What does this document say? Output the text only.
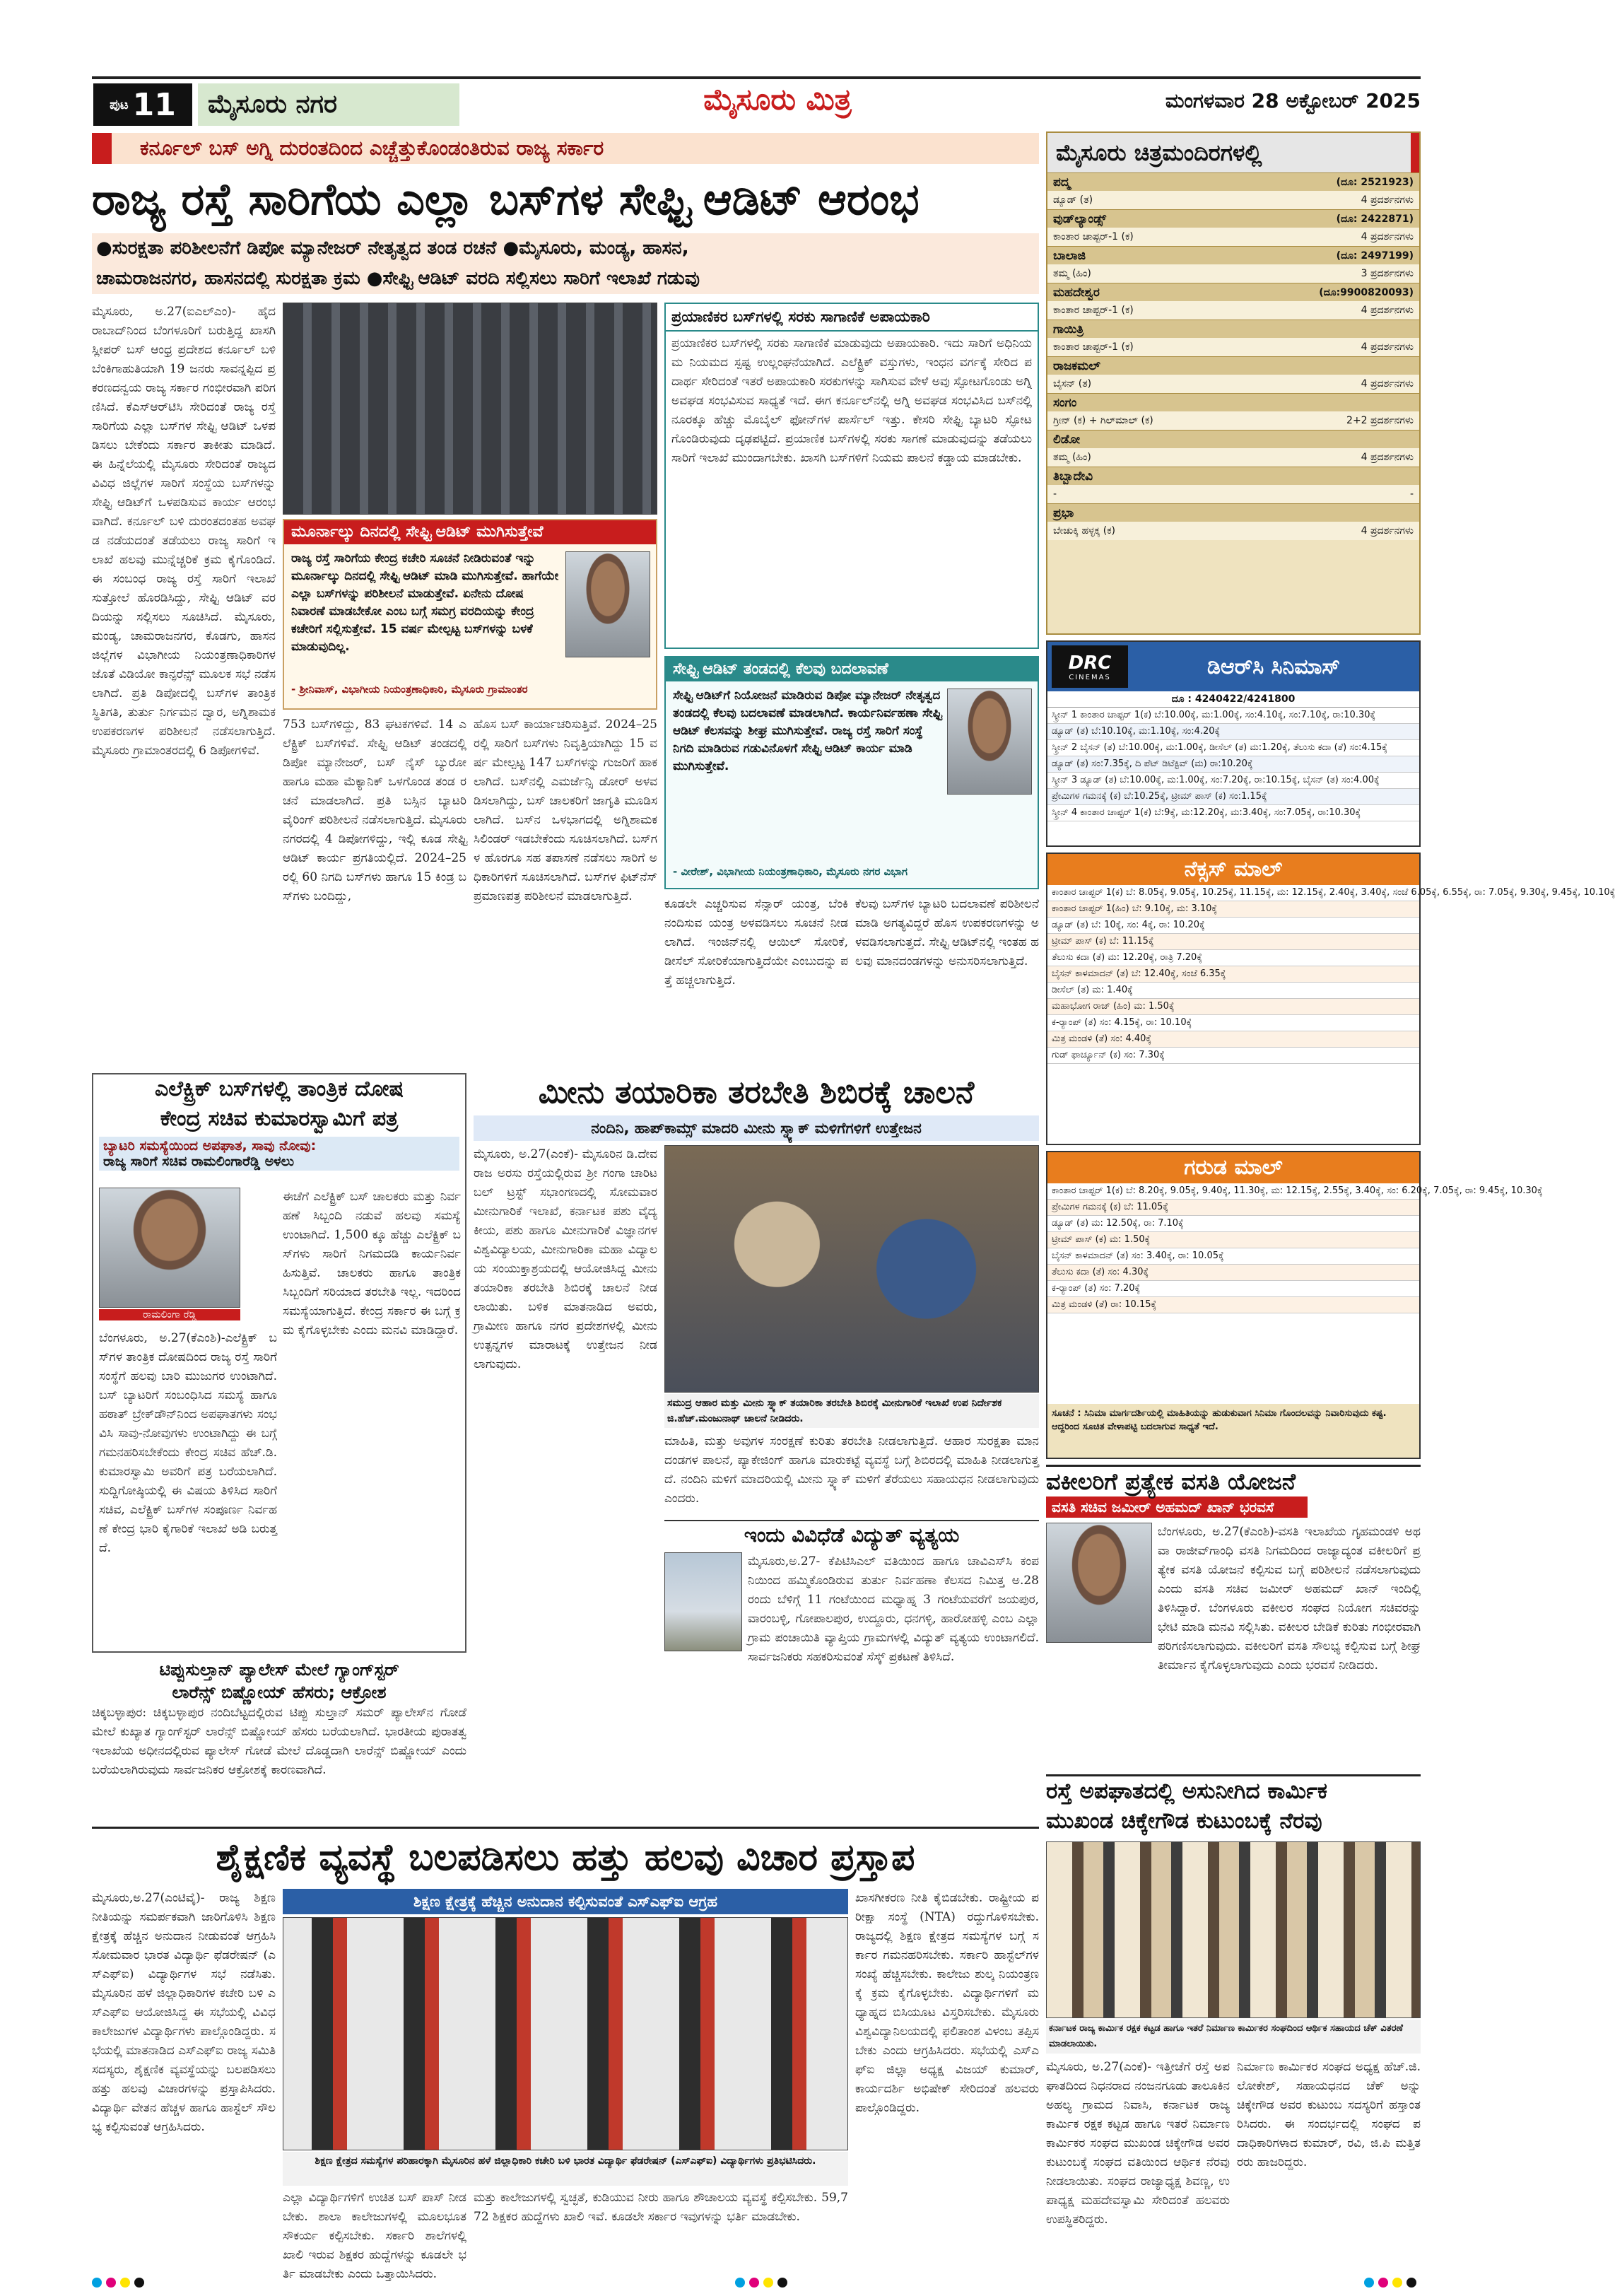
ಪುಟ 11 ಮೈಸೂರು ನಗರ	ಮೈಸೂರು ಮಿತ್ರ	ಮಂಗಳವಾರ 28 ಅಕ್ಟೋಬರ್ 2025
ಕರ್ನೂಲ್ ಬಸ್ ಅಗ್ನಿ ದುರಂತದಿಂದ ಎಚ್ಚೆತ್ತುಕೊಂಡಂತಿರುವ ರಾಜ್ಯ ಸರ್ಕಾರ
ರಾಜ್ಯ ರಸ್ತೆ ಸಾರಿಗೆಯ ಎಲ್ಲಾ ಬಸ್‌ಗಳ ಸೇಫ್ಟಿ ಆಡಿಟ್ ಆರಂಭ
●ಸುರಕ್ಷತಾ ಪರಿಶೀಲನೆಗೆ ಡಿಪೋ ಮ್ಯಾನೇಜರ್ ನೇತೃತ್ವದ ತಂಡ ರಚನೆ ●ಮೈಸೂರು, ಮಂಡ್ಯ, ಹಾಸನ,
ಚಾಮರಾಜನಗರ, ಹಾಸನದಲ್ಲಿ ಸುರಕ್ಷತಾ ಕ್ರಮ ●ಸೇಫ್ಟಿ ಆಡಿಟ್ ವರದಿ ಸಲ್ಲಿಸಲು ಸಾರಿಗೆ ಇಲಾಖೆ ಗಡುವು
ಮೈಸೂರು, ಅ.27(ಐಎಲ್‌ಎಂ)- ಹೈದರಾಬಾದ್‌ನಿಂದ ಬೆಂಗಳೂರಿಗೆ ಬರುತ್ತಿದ್ದ ಖಾಸಗಿ ಸ್ಲೀಪರ್ ಬಸ್ ಆಂಧ್ರ ಪ್ರದೇಶದ ಕರ್ನೂಲ್ ಬಳಿ ಬೆಂಕಿಗಾಹುತಿಯಾಗಿ 19 ಜನರು ಸಾವನ್ನಪ್ಪಿದ ಪ್ರಕರಣದನ್ವಯ ರಾಜ್ಯ ಸರ್ಕಾರ ಗಂಭೀರವಾಗಿ ಪರಿಗಣಿಸಿದೆ. ಕೆಎಸ್‌ಆರ್‌ಟಿಸಿ ಸೇರಿದಂತೆ ರಾಜ್ಯ ರಸ್ತೆ ಸಾರಿಗೆಯ ಎಲ್ಲಾ ಬಸ್‌ಗಳ ಸೇಫ್ಟಿ ಆಡಿಟ್ ಒಳಪಡಿಸಲು ಬೇಕೆಂದು ಸರ್ಕಾರ ತಾಕೀತು ಮಾಡಿದೆ. ಈ ಹಿನ್ನೆಲೆಯಲ್ಲಿ ಮೈಸೂರು ಸೇರಿದಂತೆ ರಾಜ್ಯದ ವಿವಿಧ ಜಿಲ್ಲೆಗಳ ಸಾರಿಗೆ ಸಂಸ್ಥೆಯ ಬಸ್‌ಗಳನ್ನು ಸೇಫ್ಟಿ ಆಡಿಟ್‌ಗೆ ಒಳಪಡಿಸುವ ಕಾರ್ಯ ಆರಂಭವಾಗಿದೆ. ಕರ್ನೂಲ್ ಬಳಿ ದುರಂತದಂತಹ ಅವಘಡ ನಡೆಯದಂತೆ ತಡೆಯಲು ರಾಜ್ಯ ಸಾರಿಗೆ ಇಲಾಖೆ ಹಲವು ಮುನ್ನೆಚ್ಚರಿಕೆ ಕ್ರಮ ಕೈಗೊಂಡಿದೆ. ಈ ಸಂಬಂಧ ರಾಜ್ಯ ರಸ್ತೆ ಸಾರಿಗೆ ಇಲಾಖೆ ಸುತ್ತೋಲೆ ಹೊರಡಿಸಿದ್ದು, ಸೇಫ್ಟಿ ಆಡಿಟ್ ವರದಿಯನ್ನು ಸಲ್ಲಿಸಲು ಸೂಚಿಸಿದೆ. ಮೈಸೂರು, ಮಂಡ್ಯ, ಚಾಮರಾಜನಗರ, ಕೊಡಗು, ಹಾಸನ ಜಿಲ್ಲೆಗಳ ವಿಭಾಗೀಯ ನಿಯಂತ್ರಣಾಧಿಕಾರಿಗಳ ಜೊತೆ ವಿಡಿಯೋ ಕಾನ್ಫರೆನ್ಸ್ ಮೂಲಕ ಸಭೆ ನಡೆಸಲಾಗಿದೆ. ಪ್ರತಿ ಡಿಪೋದಲ್ಲಿ ಬಸ್‌ಗಳ ತಾಂತ್ರಿಕ ಸ್ಥಿತಿಗತಿ, ತುರ್ತು ನಿರ್ಗಮನ ದ್ವಾರ, ಅಗ್ನಿಶಾಮಕ ಉಪಕರಣಗಳ ಪರಿಶೀಲನೆ ನಡೆಸಲಾಗುತ್ತಿದೆ. ಮೈಸೂರು ಗ್ರಾಮಾಂತರದಲ್ಲಿ 6 ಡಿಪೋಗಳಿವೆ.
ಮೂರ್ನಾಲ್ಕು ದಿನದಲ್ಲಿ ಸೇಫ್ಟಿ ಆಡಿಟ್ ಮುಗಿಸುತ್ತೇವೆ
ರಾಜ್ಯ ರಸ್ತೆ ಸಾರಿಗೆಯ ಕೇಂದ್ರ ಕಚೇರಿ ಸೂಚನೆ ನೀಡಿರುವಂತೆ ಇನ್ನು ಮೂರ್ನಾಲ್ಕು ದಿನದಲ್ಲಿ ಸೇಫ್ಟಿ ಆಡಿಟ್ ಮಾಡಿ ಮುಗಿಸುತ್ತೇವೆ. ಹಾಗೆಯೇ ಎಲ್ಲಾ ಬಸ್‌ಗಳನ್ನು ಪರಿಶೀಲನೆ ಮಾಡುತ್ತೇವೆ. ಏನೇನು ದೋಷ ನಿವಾರಣೆ ಮಾಡಬೇಕೋ ಎಂಬ ಬಗ್ಗೆ ಸಮಗ್ರ ವರದಿಯನ್ನು ಕೇಂದ್ರ ಕಚೇರಿಗೆ ಸಲ್ಲಿಸುತ್ತೇವೆ. 15 ವರ್ಷ ಮೇಲ್ಪಟ್ಟ ಬಸ್‌ಗಳನ್ನು ಬಳಕೆ ಮಾಡುವುದಿಲ್ಲ.
- ಶ್ರೀನಿವಾಸ್, ವಿಭಾಗೀಯ ನಿಯಂತ್ರಣಾಧಿಕಾರಿ, ಮೈಸೂರು ಗ್ರಾಮಾಂತರ
753 ಬಸ್‌ಗಳಿದ್ದು, 83 ಘಟಕಗಳಿವೆ. 14 ಎಲೆಕ್ಟ್ರಿಕ್ ಬಸ್‌ಗಳಿವೆ. ಸೇಫ್ಟಿ ಆಡಿಟ್ ತಂಡದಲ್ಲಿ ಡಿಪೋ ಮ್ಯಾನೇಜರ್, ಬಸ್ ನೈಸ್ ಬ್ಯುರೋ ಹಾಗೂ ಮಹಾ ಮೆಕ್ಯಾನಿಕ್ ಒಳಗೊಂಡ ತಂಡ ರಚನೆ ಮಾಡಲಾಗಿದೆ. ಪ್ರತಿ ಬಸ್ಸಿನ ಬ್ಯಾಟರಿ ವೈರಿಂಗ್ ಪರಿಶೀಲನೆ ನಡೆಸಲಾಗುತ್ತಿದೆ. ಮೈಸೂರು ನಗರದಲ್ಲಿ 4 ಡಿಪೋಗಳಿದ್ದು, ಇಲ್ಲಿ ಕೂಡ ಸೇಫ್ಟಿ ಆಡಿಟ್ ಕಾರ್ಯ ಪ್ರಗತಿಯಲ್ಲಿದೆ. 2024–25 ರಲ್ಲಿ 60 ನಿಗದಿ ಬಸ್‌ಗಳು ಹಾಗೂ 15 ಕಿಂಡ್ರ ಬಸ್‌ಗಳು ಬಂದಿದ್ದು,
ಹೊಸ ಬಸ್ ಕಾರ್ಯಾಚರಿಸುತ್ತಿವೆ. 2024–25 ರಲ್ಲಿ ಸಾರಿಗೆ ಬಸ್‌ಗಳು ನಿವೃತ್ತಿಯಾಗಿದ್ದು 15 ವರ್ಷ ಮೇಲ್ಪಟ್ಟ 147 ಬಸ್‌ಗಳನ್ನು ಗುಜರಿಗೆ ಹಾಕಲಾಗಿದೆ. ಬಸ್‌ನಲ್ಲಿ ಎಮರ್ಜೆನ್ಸಿ ಡೋರ್ ಅಳವಡಿಸಲಾಗಿದ್ದು, ಬಸ್ ಚಾಲಕರಿಗೆ ಜಾಗೃತಿ ಮೂಡಿಸಲಾಗಿದೆ. ಬಸ್‌ನ ಒಳಭಾಗದಲ್ಲಿ ಅಗ್ನಿಶಾಮಕ ಸಿಲಿಂಡರ್ ಇಡಬೇಕೆಂದು ಸೂಚಿಸಲಾಗಿದೆ. ಬಸ್‌ಗಳ ಹೊರಗೂ ಸಹ ತಪಾಸಣೆ ನಡೆಸಲು ಸಾರಿಗೆ ಅಧಿಕಾರಿಗಳಿಗೆ ಸೂಚಿಸಲಾಗಿದೆ. ಬಸ್‌ಗಳ ಫಿಟ್‌ನೆಸ್ ಪ್ರಮಾಣಪತ್ರ ಪರಿಶೀಲನೆ ಮಾಡಲಾಗುತ್ತಿದೆ.
ಪ್ರಯಾಣಿಕರ ಬಸ್‌ಗಳಲ್ಲಿ ಸರಕು ಸಾಗಾಣಿಕೆ ಅಪಾಯಕಾರಿ
ಪ್ರಯಾಣಿಕರ ಬಸ್‌ಗಳಲ್ಲಿ ಸರಕು ಸಾಗಾಣಿಕೆ ಮಾಡುವುದು ಅಪಾಯಕಾರಿ. ಇದು ಸಾರಿಗೆ ಅಧಿನಿಯಮ ನಿಯಮದ ಸ್ಪಷ್ಟ ಉಲ್ಲಂಘನೆಯಾಗಿದೆ. ಎಲೆಕ್ಟ್ರಿಕ್ ವಸ್ತುಗಳು, ಇಂಧನ ವರ್ಗಕ್ಕೆ ಸೇರಿದ ಪದಾರ್ಥ ಸೇರಿದಂತೆ ಇತರೆ ಅಪಾಯಕಾರಿ ಸರಕುಗಳನ್ನು ಸಾಗಿಸುವ ವೇಳೆ ಅವು ಸ್ಫೋಟಗೊಂಡು ಅಗ್ನಿ ಅವಘಡ ಸಂಭವಿಸುವ ಸಾಧ್ಯತೆ ಇದೆ. ಈಗ ಕರ್ನೂಲ್‌ನಲ್ಲಿ ಅಗ್ನಿ ಅವಘಡ ಸಂಭವಿಸಿದ ಬಸ್‌ನಲ್ಲಿ ನೂರಕ್ಕೂ ಹೆಚ್ಚು ಮೊಬೈಲ್ ಫೋನ್‌ಗಳ ಪಾರ್ಸೆಲ್ ಇತ್ತು. ಕೇಸರಿ ಸೇಫ್ಟಿ ಬ್ಯಾಟರಿ ಸ್ಫೋಟಗೊಂಡಿರುವುದು ದೃಢಪಟ್ಟಿದೆ. ಪ್ರಯಾಣಿಕ ಬಸ್‌ಗಳಲ್ಲಿ ಸರಕು ಸಾಗಣೆ ಮಾಡುವುದನ್ನು ತಡೆಯಲು ಸಾರಿಗೆ ಇಲಾಖೆ ಮುಂದಾಗಬೇಕು. ಖಾಸಗಿ ಬಸ್‌ಗಳಿಗೆ ನಿಯಮ ಪಾಲನೆ ಕಡ್ಡಾಯ ಮಾಡಬೇಕು.
ಸೇಫ್ಟಿ ಆಡಿಟ್ ತಂಡದಲ್ಲಿ ಕೆಲವು ಬದಲಾವಣೆ
ಸೇಫ್ಟಿ ಆಡಿಟ್‌ಗೆ ನಿಯೋಜನೆ ಮಾಡಿರುವ ಡಿಪೋ ಮ್ಯಾನೇಜರ್ ನೇತೃತ್ವದ ತಂಡದಲ್ಲಿ ಕೆಲವು ಬದಲಾವಣೆ ಮಾಡಲಾಗಿದೆ. ಕಾರ್ಯನಿರ್ವಹಣಾ ಸೇಫ್ಟಿ ಆಡಿಟ್ ಕೆಲಸವನ್ನು ಶೀಘ್ರ ಮುಗಿಸುತ್ತೇವೆ. ರಾಜ್ಯ ರಸ್ತೆ ಸಾರಿಗೆ ಸಂಸ್ಥೆ ನಿಗದಿ ಮಾಡಿರುವ ಗಡುವಿನೊಳಗೆ ಸೇಫ್ಟಿ ಆಡಿಟ್ ಕಾರ್ಯ ಮಾಡಿ ಮುಗಿಸುತ್ತೇವೆ.
- ವೀರೇಶ್, ವಿಭಾಗೀಯ ನಿಯಂತ್ರಣಾಧಿಕಾರಿ, ಮೈಸೂರು ನಗರ ವಿಭಾಗ
ಕೂಡಲೇ ಎಚ್ಚರಿಸುವ ಸೆನ್ಸಾರ್ ಯಂತ್ರ, ಬೆಂಕಿ ನಂದಿಸುವ ಯಂತ್ರ ಅಳವಡಿಸಲು ಸೂಚನೆ ನೀಡಲಾಗಿದೆ. ಇಂಜಿನ್‌ನಲ್ಲಿ ಆಯಿಲ್ ಸೋರಿಕೆ, ಡೀಸೆಲ್ ಸೋರಿಕೆಯಾಗುತ್ತಿದೆಯೇ ಎಂಬುದನ್ನು ಪತ್ತೆ ಹಚ್ಚಲಾಗುತ್ತಿದೆ.
ಕೆಲವು ಬಸ್‌ಗಳ ಬ್ಯಾಟರಿ ಬದಲಾವಣೆ ಪರಿಶೀಲನೆ ಮಾಡಿ ಅಗತ್ಯವಿದ್ದರೆ ಹೊಸ ಉಪಕರಣಗಳನ್ನು ಅಳವಡಿಸಲಾಗುತ್ತದೆ. ಸೇಫ್ಟಿ ಆಡಿಟ್‌ನಲ್ಲಿ ಇಂತಹ ಹಲವು ಮಾನದಂಡಗಳನ್ನು ಅನುಸರಿಸಲಾಗುತ್ತಿದೆ.
ಎಲೆಕ್ಟ್ರಿಕ್ ಬಸ್‌ಗಳಲ್ಲಿ ತಾಂತ್ರಿಕ ದೋಷ
ಕೇಂದ್ರ ಸಚಿವ ಕುಮಾರಸ್ವಾಮಿಗೆ ಪತ್ರ
ಬ್ಯಾಟರಿ ಸಮಸ್ಯೆಯಿಂದ ಅಪಘಾತ, ಸಾವು ನೋವು:
ರಾಜ್ಯ ಸಾರಿಗೆ ಸಚಿವ ರಾಮಲಿಂಗಾರೆಡ್ಡಿ ಅಳಲು
ರಾಮಲಿಂಗಾ ರೆಡ್ಡಿ
ಬೆಂಗಳೂರು, ಅ.27(ಕೆಎಂಶಿ)-ಎಲೆಕ್ಟ್ರಿಕ್ ಬಸ್‌ಗಳ ತಾಂತ್ರಿಕ ದೋಷದಿಂದ ರಾಜ್ಯ ರಸ್ತೆ ಸಾರಿಗೆ ಸಂಸ್ಥೆಗೆ ಹಲವು ಬಾರಿ ಮುಜುಗರ ಉಂಟಾಗಿದೆ. ಬಸ್ ಬ್ಯಾಟರಿಗೆ ಸಂಬಂಧಿಸಿದ ಸಮಸ್ಯೆ ಹಾಗೂ ಹಠಾತ್ ಬ್ರೇಕ್‌ಡೌನ್‌ನಿಂದ ಅಪಘಾತಗಳು ಸಂಭವಿಸಿ ಸಾವು-ನೋವುಗಳು ಉಂಟಾಗಿದ್ದು ಈ ಬಗ್ಗೆ ಗಮನಹರಿಸಬೇಕೆಂದು ಕೇಂದ್ರ ಸಚಿವ ಹೆಚ್.ಡಿ. ಕುಮಾರಸ್ವಾಮಿ ಅವರಿಗೆ ಪತ್ರ ಬರೆಯಲಾಗಿದೆ. ಸುದ್ದಿಗೋಷ್ಠಿಯಲ್ಲಿ ಈ ವಿಷಯ ತಿಳಿಸಿದ ಸಾರಿಗೆ ಸಚಿವ, ಎಲೆಕ್ಟ್ರಿಕ್ ಬಸ್‌ಗಳ ಸಂಪೂರ್ಣ ನಿರ್ವಹಣೆ ಕೇಂದ್ರ ಭಾರಿ ಕೈಗಾರಿಕೆ ಇಲಾಖೆ ಅಡಿ ಬರುತ್ತದೆ.
ಈಚೆಗೆ ಎಲೆಕ್ಟ್ರಿಕ್ ಬಸ್ ಚಾಲಕರು ಮತ್ತು ನಿರ್ವಹಣೆ ಸಿಬ್ಬಂದಿ ನಡುವೆ ಹಲವು ಸಮಸ್ಯೆ ಉಂಟಾಗಿದೆ. 1,500 ಕ್ಕೂ ಹೆಚ್ಚು ಎಲೆಕ್ಟ್ರಿಕ್ ಬಸ್‌ಗಳು ಸಾರಿಗೆ ನಿಗಮದಡಿ ಕಾರ್ಯನಿರ್ವಹಿಸುತ್ತಿವೆ. ಚಾಲಕರು ಹಾಗೂ ತಾಂತ್ರಿಕ ಸಿಬ್ಬಂದಿಗೆ ಸರಿಯಾದ ತರಬೇತಿ ಇಲ್ಲ. ಇದರಿಂದ ಸಮಸ್ಯೆಯಾಗುತ್ತಿದೆ. ಕೇಂದ್ರ ಸರ್ಕಾರ ಈ ಬಗ್ಗೆ ಕ್ರಮ ಕೈಗೊಳ್ಳಬೇಕು ಎಂದು ಮನವಿ ಮಾಡಿದ್ದಾರೆ.
ಟಿಪ್ಪುಸುಲ್ತಾನ್ ಪ್ಯಾಲೇಸ್ ಮೇಲೆ ಗ್ಯಾಂಗ್‌ಸ್ಟರ್
ಲಾರೆನ್ಸ್ ಬಿಷ್ಣೋಯ್ ಹೆಸರು; ಆಕ್ರೋಶ
ಚಿಕ್ಕಬಳ್ಳಾಪುರ: ಚಿಕ್ಕಬಳ್ಳಾಪುರ ನಂದಿಬೆಟ್ಟದಲ್ಲಿರುವ ಟಿಪ್ಪು ಸುಲ್ತಾನ್ ಸಮರ್ ಪ್ಯಾಲೇಸ್‌ನ ಗೋಡೆ ಮೇಲೆ ಕುಖ್ಯಾತ ಗ್ಯಾಂಗ್‌ಸ್ಟರ್ ಲಾರೆನ್ಸ್ ಬಿಷ್ಣೋಯ್ ಹೆಸರು ಬರೆಯಲಾಗಿದೆ. ಭಾರತೀಯ ಪುರಾತತ್ವ ಇಲಾಖೆಯ ಅಧೀನದಲ್ಲಿರುವ ಪ್ಯಾಲೇಸ್ ಗೋಡೆ ಮೇಲೆ ದೊಡ್ಡದಾಗಿ ಲಾರೆನ್ಸ್ ಬಿಷ್ಣೋಯ್ ಎಂದು ಬರೆಯಲಾಗಿರುವುದು ಸಾರ್ವಜನಿಕರ ಆಕ್ರೋಶಕ್ಕೆ ಕಾರಣವಾಗಿದೆ.
ಮೀನು ತಯಾರಿಕಾ ತರಬೇತಿ ಶಿಬಿರಕ್ಕೆ ಚಾಲನೆ
ನಂದಿನಿ, ಹಾಪ್‌ಕಾಮ್ಸ್ ಮಾದರಿ ಮೀನು ಸ್ನ್ಯಾಕ್ ಮಳಿಗೆಗಳಿಗೆ ಉತ್ತೇಜನ
ಮೈಸೂರು, ಅ.27(ಎಂಕೆ)- ಮೈಸೂರಿನ ಡಿ.ದೇವರಾಜ ಅರಸು ರಸ್ತೆಯಲ್ಲಿರುವ ಶ್ರೀ ಗಂಗಾ ಚಾರಿಟಬಲ್ ಟ್ರಸ್ಟ್ ಸಭಾಂಗಣದಲ್ಲಿ ಸೋಮವಾರ ಮೀನುಗಾರಿಕೆ ಇಲಾಖೆ, ಕರ್ನಾಟಕ ಪಶು ವೈದ್ಯಕೀಯ, ಪಶು ಹಾಗೂ ಮೀನುಗಾರಿಕೆ ವಿಜ್ಞಾನಗಳ ವಿಶ್ವವಿದ್ಯಾಲಯ, ಮೀನುಗಾರಿಕಾ ಮಹಾ ವಿದ್ಯಾಲಯ ಸಂಯುಕ್ತಾಶ್ರಯದಲ್ಲಿ ಆಯೋಜಿಸಿದ್ದ ಮೀನು ತಯಾರಿಕಾ ತರಬೇತಿ ಶಿಬಿರಕ್ಕೆ ಚಾಲನೆ ನೀಡಲಾಯಿತು. ಬಳಿಕ ಮಾತನಾಡಿದ ಅವರು, ಗ್ರಾಮೀಣ ಹಾಗೂ ನಗರ ಪ್ರದೇಶಗಳಲ್ಲಿ ಮೀನು ಉತ್ಪನ್ನಗಳ ಮಾರಾಟಕ್ಕೆ ಉತ್ತೇಜನ ನೀಡಲಾಗುವುದು.
ಸಮುದ್ರ ಆಹಾರ ಮತ್ತು ಮೀನು ಸ್ನ್ಯಾಕ್ ತಯಾರಿಕಾ ತರಬೇತಿ ಶಿಬಿರಕ್ಕೆ ಮೀನುಗಾರಿಕೆ ಇಲಾಖೆ ಉಪ ನಿರ್ದೇಶಕ ಜಿ.ಹೆಚ್.ಮಂಜುನಾಥ್ ಚಾಲನೆ ನೀಡಿದರು.
ಮಾಹಿತಿ, ಮತ್ತು ಅವುಗಳ ಸಂರಕ್ಷಣೆ ಕುರಿತು ತರಬೇತಿ ನೀಡಲಾಗುತ್ತಿದೆ. ಆಹಾರ ಸುರಕ್ಷತಾ ಮಾನದಂಡಗಳ ಪಾಲನೆ, ಪ್ಯಾಕೇಜಿಂಗ್ ಹಾಗೂ ಮಾರುಕಟ್ಟೆ ವ್ಯವಸ್ಥೆ ಬಗ್ಗೆ ಶಿಬಿರದಲ್ಲಿ ಮಾಹಿತಿ ನೀಡಲಾಗುತ್ತದೆ. ನಂದಿನಿ ಮಳಿಗೆ ಮಾದರಿಯಲ್ಲಿ ಮೀನು ಸ್ನ್ಯಾಕ್ ಮಳಿಗೆ ತೆರೆಯಲು ಸಹಾಯಧನ ನೀಡಲಾಗುವುದು ಎಂದರು.
ಇಂದು ವಿವಿಧೆಡೆ ವಿದ್ಯುತ್ ವ್ಯತ್ಯಯ
ಮೈಸೂರು,ಅ.27- ಕೆಪಿಟಿಸಿಎಲ್ ವತಿಯಿಂದ ಹಾಗೂ ಚಾವಿಎಸ್‌ಸಿ ಕಂಪನಿಯಿಂದ ಹಮ್ಮಿಕೊಂಡಿರುವ ತುರ್ತು ನಿರ್ವಹಣಾ ಕೆಲಸದ ನಿಮಿತ್ತ ಅ.28 ರಂದು ಬೆಳಿಗ್ಗೆ 11 ಗಂಟೆಯಿಂದ ಮಧ್ಯಾಹ್ನ 3 ಗಂಟೆಯವರೆಗೆ ಜಯಪುರ, ವಾರಂಬಳ್ಳಿ, ಗೋಪಾಲಪುರ, ಉದ್ದೂರು, ಧನಗಳ್ಳಿ, ಹಾರೋಹಳ್ಳಿ ಎಂಬ ಎಲ್ಲಾ ಗ್ರಾಮ ಪಂಚಾಯಿತಿ ವ್ಯಾಪ್ತಿಯ ಗ್ರಾಮಗಳಲ್ಲಿ ವಿದ್ಯುತ್ ವ್ಯತ್ಯಯ ಉಂಟಾಗಲಿದೆ. ಸಾರ್ವಜನಿಕರು ಸಹಕರಿಸುವಂತೆ ಸೆಸ್ಕ್ ಪ್ರಕಟಣೆ ತಿಳಿಸಿದೆ.
ಶೈಕ್ಷಣಿಕ ವ್ಯವಸ್ಥೆ ಬಲಪಡಿಸಲು ಹತ್ತು ಹಲವು ವಿಚಾರ ಪ್ರಸ್ತಾಪ
ಮೈಸೂರು,ಅ.27(ಎಂಟಿವೈ)- ರಾಜ್ಯ ಶಿಕ್ಷಣ ನೀತಿಯನ್ನು ಸಮರ್ಪಕವಾಗಿ ಜಾರಿಗೊಳಿಸಿ ಶಿಕ್ಷಣ ಕ್ಷೇತ್ರಕ್ಕೆ ಹೆಚ್ಚಿನ ಅನುದಾನ ನೀಡುವಂತೆ ಆಗ್ರಹಿಸಿ ಸೋಮವಾರ ಭಾರತ ವಿದ್ಯಾರ್ಥಿ ಫೆಡರೇಷನ್ (ಎಸ್‌ಎಫ್‌ಐ) ವಿದ್ಯಾರ್ಥಿಗಳ ಸಭೆ ನಡೆಸಿತು. ಮೈಸೂರಿನ ಹಳೆ ಜಿಲ್ಲಾಧಿಕಾರಿಗಳ ಕಚೇರಿ ಬಳಿ ಎಸ್‌ಎಫ್‌ಐ ಆಯೋಜಿಸಿದ್ದ ಈ ಸಭೆಯಲ್ಲಿ ವಿವಿಧ ಕಾಲೇಜುಗಳ ವಿದ್ಯಾರ್ಥಿಗಳು ಪಾಲ್ಗೊಂಡಿದ್ದರು. ಸಭೆಯಲ್ಲಿ ಮಾತನಾಡಿದ ಎಸ್‌ಎಫ್‌ಐ ರಾಜ್ಯ ಸಮಿತಿ ಸದಸ್ಯರು, ಶೈಕ್ಷಣಿಕ ವ್ಯವಸ್ಥೆಯನ್ನು ಬಲಪಡಿಸಲು ಹತ್ತು ಹಲವು ವಿಚಾರಗಳನ್ನು ಪ್ರಸ್ತಾಪಿಸಿದರು. ವಿದ್ಯಾರ್ಥಿ ವೇತನ ಹೆಚ್ಚಳ ಹಾಗೂ ಹಾಸ್ಟೆಲ್ ಸೌಲಭ್ಯ ಕಲ್ಪಿಸುವಂತೆ ಆಗ್ರಹಿಸಿದರು.
ಶಿಕ್ಷಣ ಕ್ಷೇತ್ರಕ್ಕೆ ಹೆಚ್ಚಿನ ಅನುದಾನ ಕಲ್ಪಿಸುವಂತೆ ಎಸ್‌ಎಫ್‌ಐ ಆಗ್ರಹ
ಶಿಕ್ಷಣ ಕ್ಷೇತ್ರದ ಸಮಸ್ಯೆಗಳ ಪರಿಹಾರಕ್ಕಾಗಿ ಮೈಸೂರಿನ ಹಳೆ ಜಿಲ್ಲಾಧಿಕಾರಿ ಕಚೇರಿ ಬಳಿ ಭಾರತ ವಿದ್ಯಾರ್ಥಿ ಫೆಡರೇಷನ್ (ಎಸ್‌ಎಫ್‌ಐ) ವಿದ್ಯಾರ್ಥಿಗಳು ಪ್ರತಿಭಟಿಸಿದರು.
ಎಲ್ಲಾ ವಿದ್ಯಾರ್ಥಿಗಳಿಗೆ ಉಚಿತ ಬಸ್ ಪಾಸ್ ನೀಡಬೇಕು. ಶಾಲಾ ಕಾಲೇಜುಗಳಲ್ಲಿ ಮೂಲಭೂತ ಸೌಕರ್ಯ ಕಲ್ಪಿಸಬೇಕು. ಸರ್ಕಾರಿ ಶಾಲೆಗಳಲ್ಲಿ ಖಾಲಿ ಇರುವ ಶಿಕ್ಷಕರ ಹುದ್ದೆಗಳನ್ನು ಕೂಡಲೇ ಭರ್ತಿ ಮಾಡಬೇಕು ಎಂದು ಒತ್ತಾಯಿಸಿದರು.
ಮತ್ತು ಕಾಲೇಜುಗಳಲ್ಲಿ ಸ್ವಚ್ಛತೆ, ಕುಡಿಯುವ ನೀರು ಹಾಗೂ ಶೌಚಾಲಯ ವ್ಯವಸ್ಥೆ ಕಲ್ಪಿಸಬೇಕು. 59,772 ಶಿಕ್ಷಕರ ಹುದ್ದೆಗಳು ಖಾಲಿ ಇವೆ. ಕೂಡಲೇ ಸರ್ಕಾರ ಇವುಗಳನ್ನು ಭರ್ತಿ ಮಾಡಬೇಕು.
ಖಾಸಗೀಕರಣ ನೀತಿ ಕೈಬಿಡಬೇಕು. ರಾಷ್ಟ್ರೀಯ ಪರೀಕ್ಷಾ ಸಂಸ್ಥೆ (NTA) ರದ್ದುಗೊಳಿಸಬೇಕು. ರಾಜ್ಯದಲ್ಲಿ ಶಿಕ್ಷಣ ಕ್ಷೇತ್ರದ ಸಮಸ್ಯೆಗಳ ಬಗ್ಗೆ ಸರ್ಕಾರ ಗಮನಹರಿಸಬೇಕು. ಸರ್ಕಾರಿ ಹಾಸ್ಟೆಲ್‌ಗಳ ಸಂಖ್ಯೆ ಹೆಚ್ಚಿಸಬೇಕು. ಕಾಲೇಜು ಶುಲ್ಕ ನಿಯಂತ್ರಣಕ್ಕೆ ಕ್ರಮ ಕೈಗೊಳ್ಳಬೇಕು. ವಿದ್ಯಾರ್ಥಿಗಳಿಗೆ ಮಧ್ಯಾಹ್ನದ ಬಿಸಿಯೂಟ ವಿಸ್ತರಿಸಬೇಕು. ಮೈಸೂರು ವಿಶ್ವವಿದ್ಯಾನಿಲಯದಲ್ಲಿ ಫಲಿತಾಂಶ ವಿಳಂಬ ತಪ್ಪಿಸಬೇಕು ಎಂದು ಆಗ್ರಹಿಸಿದರು. ಸಭೆಯಲ್ಲಿ ಎಸ್‌ಎಫ್‌ಐ ಜಿಲ್ಲಾ ಅಧ್ಯಕ್ಷ ವಿಜಯ್ ಕುಮಾರ್, ಕಾರ್ಯದರ್ಶಿ ಅಭಿಷೇಕ್ ಸೇರಿದಂತೆ ಹಲವರು ಪಾಲ್ಗೊಂಡಿದ್ದರು.
ಮೈಸೂರು ಚಿತ್ರಮಂದಿರಗಳಲ್ಲಿ
ಪದ್ಮ	(ದೂ: 2521923)
ಡ್ಯೂಡ್ (ತ)	4 ಪ್ರದರ್ಶನಗಳು
ವುಡ್‌ಲ್ಯಾಂಡ್ಸ್	(ದೂ: 2422871)
ಕಾಂತಾರ ಚಾಪ್ಟರ್-1 (ಕ)	4 ಪ್ರದರ್ಶನಗಳು
ಬಾಲಾಜಿ	(ದೂ: 2497199)
ತಮ್ಮ (ಹಿಂ)	3 ಪ್ರದರ್ಶನಗಳು
ಮಹದೇಶ್ವರ	(ದೂ:9900820093)
ಕಾಂತಾರ ಚಾಪ್ಟರ್-1 (ಕ)	4 ಪ್ರದರ್ಶನಗಳು
ಗಾಯಿತ್ರಿ
ಕಾಂತಾರ ಚಾಪ್ಟರ್-1 (ಕ)	4 ಪ್ರದರ್ಶನಗಳು
ರಾಜಕಮಲ್
ಬೈಸನ್ (ತ)	4 ಪ್ರದರ್ಶನಗಳು
ಸಂಗಂ
ಗ್ರೀನ್ (ಕ) + ಗಿಲ್‌ಮಾಲ್ (ಕ)	2+2 ಪ್ರದರ್ಶನಗಳು
ಲಿಡೋ
ತಮ್ಮ (ಹಿಂ)	4 ಪ್ರದರ್ಶನಗಳು
ತಿಬ್ಬಾದೇವಿ
-	-
ಪ್ರಭಾ
ಬೇಚುಕ್ಕಿ ಹಳ್ಳಕ್ಕ (ಕ)	4 ಪ್ರದರ್ಶನಗಳು
DRC
CINEMAS	ಡಿಆರ್‌ಸಿ ಸಿನಿಮಾಸ್
ದೂ : 4240422/4241800
ಸ್ಕ್ರೀನ್ 1 ಕಾಂತಾರ ಚಾಪ್ಟರ್ 1(ಕ) ಬೆ:10.00ಕ್ಕೆ, ಮ:1.00ಕ್ಕೆ, ಸಂ:4.10ಕ್ಕೆ, ಸಂ:7.10ಕ್ಕೆ, ರಾ:10.30ಕ್ಕೆ
ಡ್ಯೂಡ್ (ತ) ಬೆ:10.10ಕ್ಕೆ, ಮ:1.10ಕ್ಕೆ, ಸಂ:4.20ಕ್ಕೆ
ಸ್ಕ್ರೀನ್ 2 ಬೈಸನ್ (ತ) ಬೆ:10.00ಕ್ಕೆ, ಮ:1.00ಕ್ಕೆ, ಡೀಸೆಲ್ (ತ) ಮ:1.20ಕ್ಕೆ, ತೆಲುಸು ಕದಾ (ತೆ) ಸಂ:4.15ಕ್ಕೆ
ಡ್ಯೂಡ್ (ತ) ಸಂ:7.35ಕ್ಕೆ, ದಿ ಪೆಟ್ ಡಿಟೆಕ್ಟಿವ್ (ಮ) ರಾ:10.20ಕ್ಕೆ
ಸ್ಕ್ರೀನ್ 3 ಡ್ಯೂಡ್ (ತ) ಬೆ:10.00ಕ್ಕೆ, ಮ:1.00ಕ್ಕೆ, ಸಂ:7.20ಕ್ಕೆ, ರಾ:10.15ಕ್ಕೆ, ಬೈಸನ್ (ತ) ಸಂ:4.00ಕ್ಕೆ
ಪ್ರೇಮಿಗಳ ಗಮನಕ್ಕೆ (ಕ) ಬೆ:10.25ಕ್ಕೆ, ಟ್ರೀಮ್ ಪಾಸ್ (ಕ) ಸಂ:1.15ಕ್ಕೆ
ಸ್ಕ್ರೀನ್ 4 ಕಾಂತಾರ ಚಾಪ್ಟರ್ 1(ಕ) ಬೆ:9ಕ್ಕೆ, ಮ:12.20ಕ್ಕೆ, ಮ:3.40ಕ್ಕೆ, ಸಂ:7.05ಕ್ಕೆ, ರಾ:10.30ಕ್ಕೆ
ನೆಕ್ಸಸ್ ಮಾಲ್
ಕಾಂತಾರ ಚಾಪ್ಟರ್ 1(ಕ) ಬೆ: 8.05ಕ್ಕೆ, 9.05ಕ್ಕೆ, 10.25ಕ್ಕೆ, 11.15ಕ್ಕೆ, ಮ: 12.15ಕ್ಕೆ, 2.40ಕ್ಕೆ, 3.40ಕ್ಕೆ, ಸಂಜೆ 6.05ಕ್ಕೆ, 6.55ಕ್ಕೆ, ರಾ: 7.05ಕ್ಕೆ, 9.30ಕ್ಕೆ, 9.45ಕ್ಕೆ, 10.10ಕ್ಕೆ
ಕಾಂತಾರ ಚಾಪ್ಟರ್ 1(ಹಿಂ) ಬೆ: 9.10ಕ್ಕೆ, ಮ: 3.10ಕ್ಕೆ
ಡ್ಯೂಡ್ (ತ) ಬೆ: 10ಕ್ಕೆ, ಸಂ: 4ಕ್ಕೆ, ರಾ: 10.20ಕ್ಕೆ
ಟ್ರೀಮ್ ಪಾಸ್ (ಕ) ಬೆ: 11.15ಕ್ಕೆ
ತೆಲುಸು ಕದಾ (ತೆ) ಮ: 12.20ಕ್ಕೆ, ರಾತ್ರಿ 7.20ಕ್ಕೆ
ಬೈಸನ್ ಕಾಳಮಾದನ್ (ತ) ಬೆ: 12.40ಕ್ಕೆ, ಸಂಜೆ 6.35ಕ್ಕೆ
ಡೀಸೆಲ್ (ತ) ಮ: 1.40ಕ್ಕೆ
ಮಹಾಭೋಗ ರಾಜ್ (ಹಿಂ) ಮ: 1.50ಕ್ಕೆ
ಕ-ರ್‍ಯಾಂಪ್ (ತ) ಸಂ: 4.15ಕ್ಕೆ, ರಾ: 10.10ಕ್ಕೆ
ಮಿತ್ರ ಮಂಡಳಿ (ತೆ) ಸಂ: 4.40ಕ್ಕೆ
ಗುಡ್ ಫಾರ್ಚ್ಯೂನ್ (ಕ) ಸಂ: 7.30ಕ್ಕೆ
ಗರುಡ ಮಾಲ್
ಕಾಂತಾರ ಚಾಪ್ಟರ್ 1(ಕ) ಬೆ: 8.20ಕ್ಕೆ, 9.05ಕ್ಕೆ, 9.40ಕ್ಕೆ, 11.30ಕ್ಕೆ, ಮ: 12.15ಕ್ಕೆ, 2.55ಕ್ಕೆ, 3.40ಕ್ಕೆ, ಸಂ: 6.20ಕ್ಕೆ, 7.05ಕ್ಕೆ, ರಾ: 9.45ಕ್ಕೆ, 10.30ಕ್ಕೆ
ಪ್ರೇಮಿಗಳ ಗಮನಕ್ಕೆ (ಕ) ಬೆ: 11.05ಕ್ಕೆ
ಡ್ಯೂಡ್ (ತ) ಮ: 12.50ಕ್ಕೆ, ರಾ: 7.10ಕ್ಕೆ
ಟ್ರೀಮ್ ಪಾಸ್ (ಕ) ಮ: 1.50ಕ್ಕೆ
ಬೈಸನ್ ಕಾಳಮಾದನ್ (ತ) ಸಂ: 3.40ಕ್ಕೆ, ರಾ: 10.05ಕ್ಕೆ
ತೆಲುಸು ಕದಾ (ತೆ) ಸಂ: 4.30ಕ್ಕೆ
ಕ-ರ್‍ಯಾಂಪ್ (ತ) ಸಂ: 7.20ಕ್ಕೆ
ಮಿತ್ರ ಮಂಡಳಿ (ತೆ) ರಾ: 10.15ಕ್ಕೆ
ಸೂಚನೆ : ಸಿನಿಮಾ ಮಾರ್ಗದರ್ಶಿಯಲ್ಲಿ ಮಾಹಿತಿಯನ್ನು ಹುಡುಕುವಾಗ ಸಿನಿಮಾ ಗೊಂದಲವನ್ನು ನಿವಾರಿಸುವುದು ಕಷ್ಟ. ಆದ್ದರಿಂದ ಸೂಚಿತ ವೇಳಾಪಟ್ಟಿ ಬದಲಾಗುವ ಸಾಧ್ಯತೆ ಇದೆ.
ವಕೀಲರಿಗೆ ಪ್ರತ್ಯೇಕ ವಸತಿ ಯೋಜನೆ
ವಸತಿ ಸಚಿವ ಜಮೀರ್ ಅಹಮದ್ ಖಾನ್ ಭರವಸೆ
ಬೆಂಗಳೂರು, ಅ.27(ಕೆಎಂಶಿ)-ವಸತಿ ಇಲಾಖೆಯ ಗೃಹಮಂಡಳಿ ಅಥವಾ ರಾಜೀವ್‌ಗಾಂಧಿ ವಸತಿ ನಿಗಮದಿಂದ ರಾಜ್ಯಾದ್ಯಂತ ವಕೀಲರಿಗೆ ಪ್ರತ್ಯೇಕ ವಸತಿ ಯೋಜನೆ ಕಲ್ಪಿಸುವ ಬಗ್ಗೆ ಪರಿಶೀಲನೆ ನಡೆಸಲಾಗುವುದು ಎಂದು ವಸತಿ ಸಚಿವ ಜಮೀರ್ ಅಹಮದ್ ಖಾನ್ ಇಂದಿಲ್ಲಿ ತಿಳಿಸಿದ್ದಾರೆ. ಬೆಂಗಳೂರು ವಕೀಲರ ಸಂಘದ ನಿಯೋಗ ಸಚಿವರನ್ನು ಭೇಟಿ ಮಾಡಿ ಮನವಿ ಸಲ್ಲಿಸಿತು. ವಕೀಲರ ಬೇಡಿಕೆ ಕುರಿತು ಗಂಭೀರವಾಗಿ ಪರಿಗಣಿಸಲಾಗುವುದು. ವಕೀಲರಿಗೆ ವಸತಿ ಸೌಲಭ್ಯ ಕಲ್ಪಿಸುವ ಬಗ್ಗೆ ಶೀಘ್ರ ತೀರ್ಮಾನ ಕೈಗೊಳ್ಳಲಾಗುವುದು ಎಂದು ಭರವಸೆ ನೀಡಿದರು.
ರಸ್ತೆ ಅಪಘಾತದಲ್ಲಿ ಅಸುನೀಗಿದ ಕಾರ್ಮಿಕ
ಮುಖಂಡ ಚಿಕ್ಕೇಗೌಡ ಕುಟುಂಬಕ್ಕೆ ನೆರವು
ಕರ್ನಾಟಕ ರಾಜ್ಯ ಕಾರ್ಮಿಕ ರಕ್ಷಕ ಕಟ್ಟಡ ಹಾಗೂ ಇತರೆ ನಿರ್ಮಾಣ ಕಾರ್ಮಿಕರ ಸಂಘದಿಂದ ಆರ್ಥಿಕ ಸಹಾಯದ ಚೆಕ್ ವಿತರಣೆ ಮಾಡಲಾಯಿತು.
ಮೈಸೂರು, ಅ.27(ಎಂಕೆ)- ಇತ್ತೀಚೆಗೆ ರಸ್ತೆ ಅಪಘಾತದಿಂದ ನಿಧನರಾದ ನಂಜನಗೂಡು ತಾಲೂಕಿನ ಅಹಲ್ಯ ಗ್ರಾಮದ ನಿವಾಸಿ, ಕರ್ನಾಟಕ ರಾಜ್ಯ ಕಾರ್ಮಿಕ ರಕ್ಷಕ ಕಟ್ಟಡ ಹಾಗೂ ಇತರೆ ನಿರ್ಮಾಣ ಕಾರ್ಮಿಕರ ಸಂಘದ ಮುಖಂಡ ಚಿಕ್ಕೇಗೌಡ ಅವರ ಕುಟುಂಬಕ್ಕೆ ಸಂಘದ ವತಿಯಿಂದ ಆರ್ಥಿಕ ನೆರವು ನೀಡಲಾಯಿತು. ಸಂಘದ ರಾಜ್ಯಾಧ್ಯಕ್ಷ ಶಿವಣ್ಣ, ಉಪಾಧ್ಯಕ್ಷ ಮಹದೇವಸ್ವಾಮಿ ಸೇರಿದಂತೆ ಹಲವರು ಉಪಸ್ಥಿತರಿದ್ದರು.
ನಿರ್ಮಾಣ ಕಾರ್ಮಿಕರ ಸಂಘದ ಅಧ್ಯಕ್ಷ ಹೆಚ್.ಜಿ.ಲೋಕೇಶ್, ಸಹಾಯಧನದ ಚೆಕ್ ಅನ್ನು ಚಿಕ್ಕೇಗೌಡ ಅವರ ಕುಟುಂಬ ಸದಸ್ಯರಿಗೆ ಹಸ್ತಾಂತರಿಸಿದರು. ಈ ಸಂದರ್ಭದಲ್ಲಿ ಸಂಘದ ಪದಾಧಿಕಾರಿಗಳಾದ ಕುಮಾರ್, ರವಿ, ಜಿ.ಪಿ ಮತ್ತಿತರರು ಹಾಜರಿದ್ದರು.
